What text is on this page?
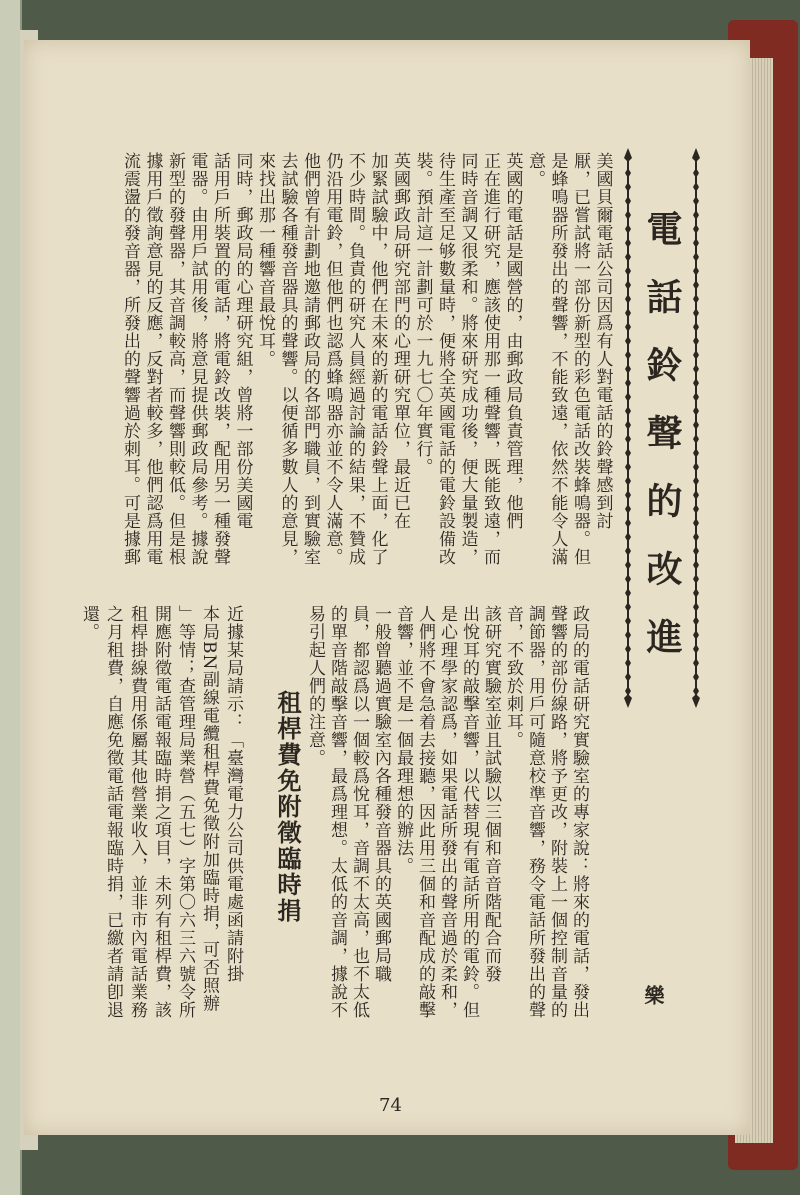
電話鈴聲的改進
樂
美國貝爾電話公司因爲有人對電話的鈴聲感到討
厭，已嘗試將一部份新型的彩色電話改裝蜂鳴器。但
是蜂鳴器所發出的聲響，不能致遠，依然不能令人滿
意。
英國的電話是國營的，由郵政局負責管理，他們
正在進行研究，應該使用那一種聲響，既能致遠，而
同時音調又很柔和。將來研究成功後，便大量製造，
待生產至足够數量時，便將全英國電話的電鈴設備改
裝。預計這一計劃可於一九七〇年實行。
英國郵政局研究部門的心理研究單位，最近已在
加緊試驗中，他們在未來的新的電話鈴聲上面，化了
不少時間。負責的研究人員經過討論的結果，不贊成
仍沿用電鈴，但他們也認爲蜂鳴器亦並不令人滿意。
他們曾有計劃地邀請郵政局的各部門職員，到實驗室
去試驗各種發音器具的聲響。以便循多數人的意見，
來找出那一種響音最悅耳。
同時，郵政局的心理研究組，曾將一部份美國電
話用戶所裝置的電話，將電鈴改裝，配用另一種發聲
電器。由用戶試用後，將意見提供郵政局參考。據說
新型的發聲器，其音調較高，而聲響則較低。但是根
據用戶徵詢意見的反應，反對者較多，他們認爲用電
流震盪的發音器，所發出的聲響過於刺耳。可是據郵
政局的電話研究實驗室的專家說：將來的電話，發出
聲響的部份線路，將予更改，附裝上一個控制音量的
調節器，用戶可隨意校準音響，務令電話所發出的聲
音，不致於刺耳。
該研究實驗室並且試驗以三個和音音階配合而發
出悅耳的敲擊音響，以代替現有電話所用的電鈴。但
是心理學家認爲，如果電話所發出的聲音過於柔和，
人們將不會急着去接聽，因此用三個和音配成的敲擊
音響，並不是一個最理想的辦法。
一般曾聽過實驗室內各種發音器具的英國郵局職
員，都認爲以一個較爲悅耳，音調不太高，也不太低
的單音階敲擊音響，最爲理想。太低的音調，據說不
易引起人們的注意。
租桿費免附徵臨時捐
近據某局請示：「臺灣電力公司供電處函請附掛
本局BN副線電纜租桿費免徵附加臨時捐，可否照辦
」等情；查管理局業營（五七）字第〇六三六號令所
開應附徵電話電報臨時捐之項目，未列有租桿費，該
租桿掛線費用係屬其他營業收入，並非市內電話業務
之月租費，自應免徵電話電報臨時捐，已繳者請卽退
還。
74
